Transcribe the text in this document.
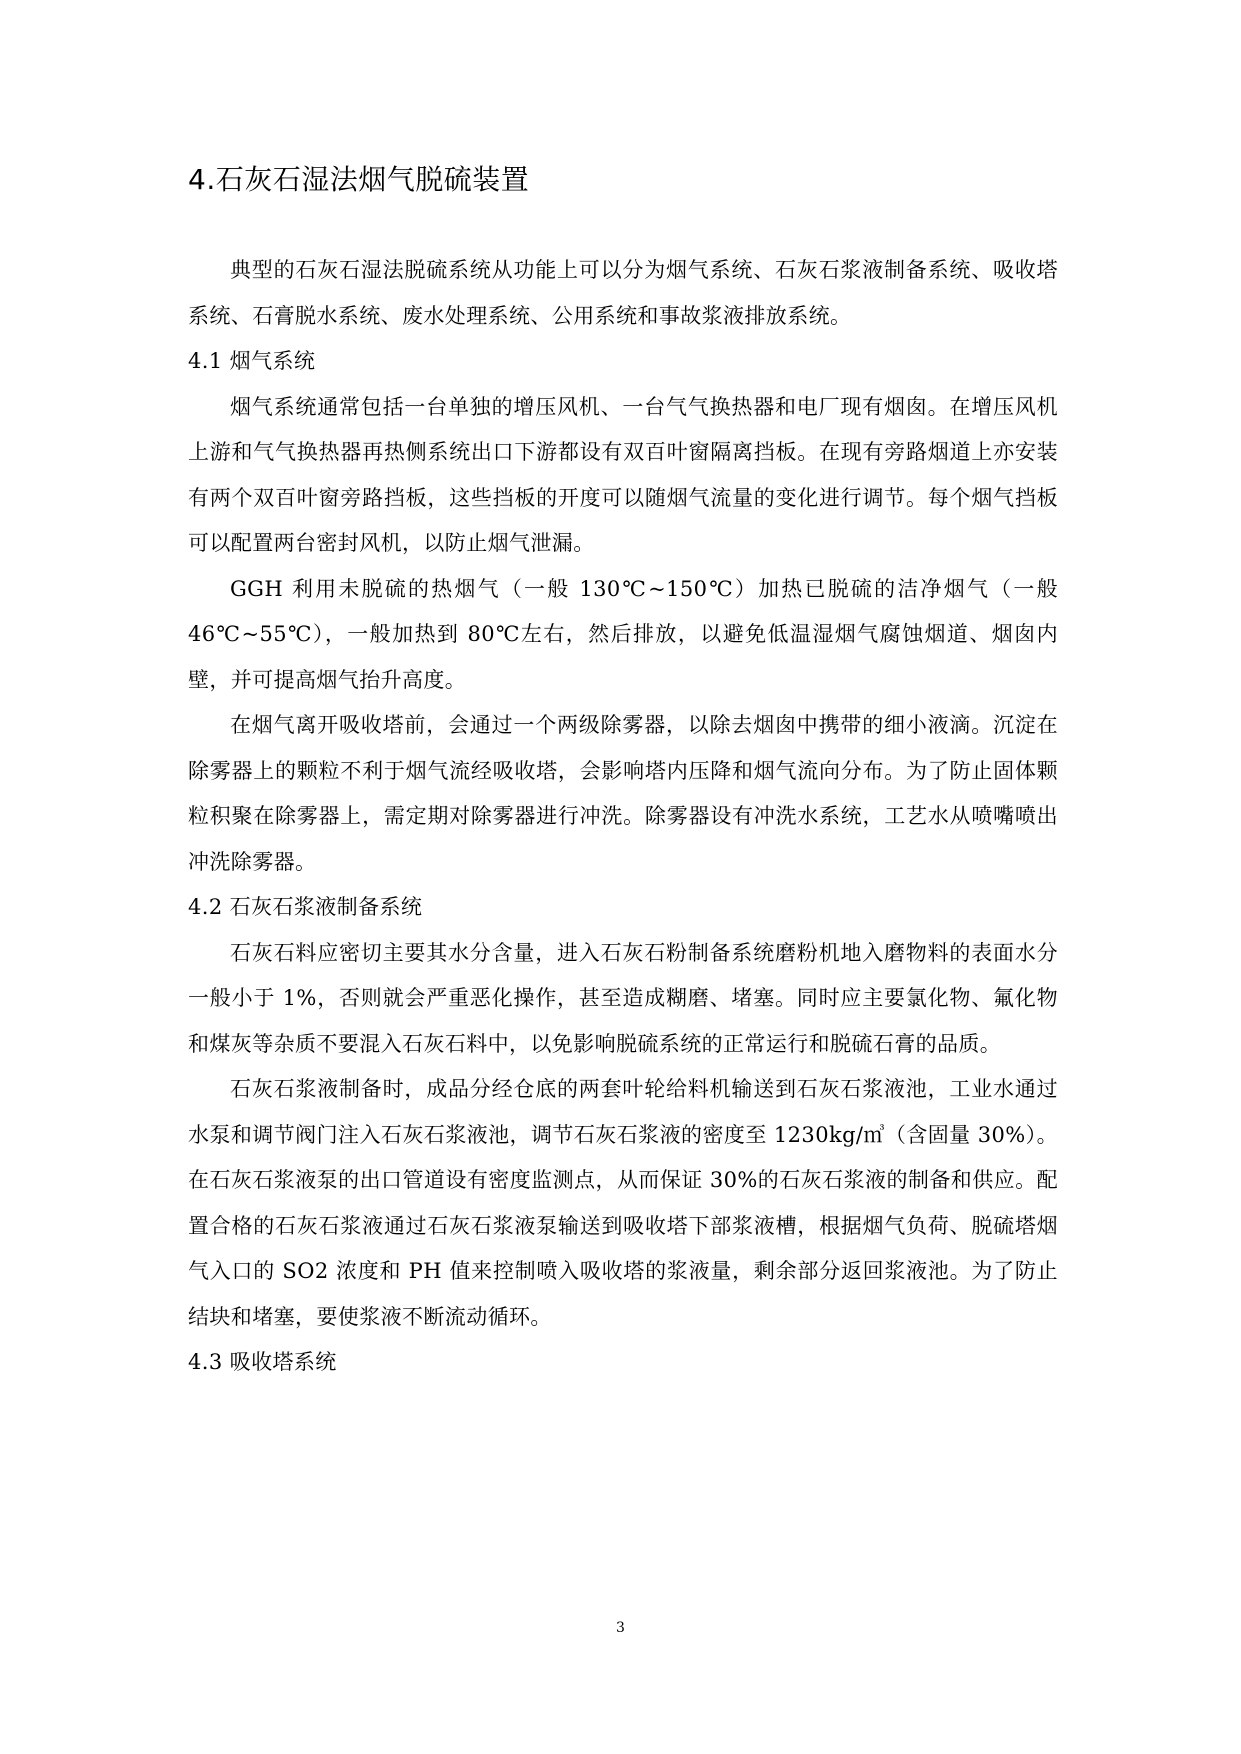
4.石灰石湿法烟气脱硫装置

典型的石灰石湿法脱硫系统从功能上可以分为烟气系统、石灰石浆液制备系统、吸收塔系统、石膏脱水系统、废水处理系统、公用系统和事故浆液排放系统。

4.1 烟气系统

烟气系统通常包括一台单独的增压风机、一台气气换热器和电厂现有烟囱。在增压风机上游和气气换热器再热侧系统出口下游都设有双百叶窗隔离挡板。在现有旁路烟道上亦安装有两个双百叶窗旁路挡板，这些挡板的开度可以随烟气流量的变化进行调节。每个烟气挡板可以配置两台密封风机，以防止烟气泄漏。

GGH 利用未脱硫的热烟气（一般 130℃~150℃）加热已脱硫的洁净烟气（一般 46℃~55℃），一般加热到 80℃左右，然后排放，以避免低温湿烟气腐蚀烟道、烟囱内壁，并可提高烟气抬升高度。

在烟气离开吸收塔前，会通过一个两级除雾器，以除去烟囱中携带的细小液滴。沉淀在除雾器上的颗粒不利于烟气流经吸收塔，会影响塔内压降和烟气流向分布。为了防止固体颗粒积聚在除雾器上，需定期对除雾器进行冲洗。除雾器设有冲洗水系统，工艺水从喷嘴喷出冲洗除雾器。

4.2 石灰石浆液制备系统

石灰石料应密切主要其水分含量，进入石灰石粉制备系统磨粉机地入磨物料的表面水分一般小于 1%，否则就会严重恶化操作，甚至造成糊磨、堵塞。同时应主要氯化物、氟化物和煤灰等杂质不要混入石灰石料中，以免影响脱硫系统的正常运行和脱硫石膏的品质。

石灰石浆液制备时，成品分经仓底的两套叶轮给料机输送到石灰石浆液池，工业水通过水泵和调节阀门注入石灰石浆液池，调节石灰石浆液的密度至 1230kg/㎥（含固量 30%）。在石灰石浆液泵的出口管道设有密度监测点，从而保证 30%的石灰石浆液的制备和供应。配置合格的石灰石浆液通过石灰石浆液泵输送到吸收塔下部浆液槽，根据烟气负荷、脱硫塔烟气入口的 SO2 浓度和 PH 值来控制喷入吸收塔的浆液量，剩余部分返回浆液池。为了防止结块和堵塞，要使浆液不断流动循环。

4.3 吸收塔系统

3
